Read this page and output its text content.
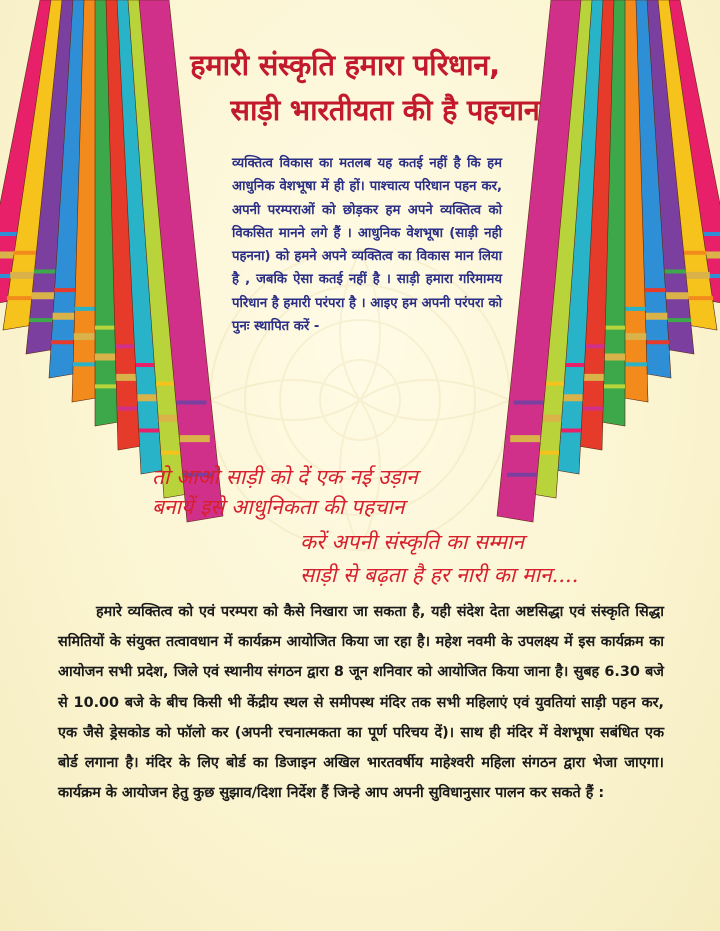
हमारी संस्कृति हमारा परिधान,
साड़ी भारतीयता की है पहचान

व्यक्तित्व विकास का मतलब यह कतई नहीं है कि हम आधुनिक वेशभूषा में ही हों। पाश्चात्य परिधान पहन कर, अपनी परम्पराओं को छोड़कर हम अपने व्यक्तित्व को विकसित मानने लगे हैं । आधुनिक वेशभूषा (साड़ी नही पहनना) को हमने अपने व्यक्तित्व का विकास मान लिया है , जबकि ऐसा कतई नहीं है । साड़ी हमारा गरिमामय परिधान है हमारी परंपरा है । आइए हम अपनी परंपरा को पुनः स्थापित करें -

तो आओ साड़ी को दें एक नई उड़ान

बनायें इसे आधुनिकता की पहचान

करें अपनी संस्कृति का सम्मान

साड़ी से बढ़ता है हर नारी का मान....

हमारे व्यक्तित्व को एवं परम्परा को कैसे निखारा जा सकता है, यही संदेश देता अष्टसिद्धा एवं संस्कृति सिद्धा समितियों के संयुक्त तत्वावधान में कार्यक्रम आयोजित किया जा रहा है। महेश नवमी के उपलक्ष्य में इस कार्यक्रम का आयोजन सभी प्रदेश, जिले एवं स्थानीय संगठन द्वारा 8 जून शनिवार को आयोजित किया जाना है। सुबह 6.30 बजे से 10.00 बजे के बीच किसी भी केंद्रीय स्थल से समीपस्थ मंदिर तक सभी महिलाएं एवं युवतियां साड़ी पहन कर, एक जैसे ड्रेसकोड को फॉलो कर (अपनी रचनात्मकता का पूर्ण परिचय दें)। साथ ही मंदिर में वेशभूषा सबंधित एक बोर्ड लगाना है। मंदिर के लिए बोर्ड का डिजाइन अखिल भारतवर्षीय माहेश्वरी महिला संगठन द्वारा भेजा जाएगा। कार्यक्रम के आयोजन हेतु कुछ सुझाव/दिशा निर्देश हैं जिन्हे आप अपनी सुविधानुसार पालन कर सकते हैं :
